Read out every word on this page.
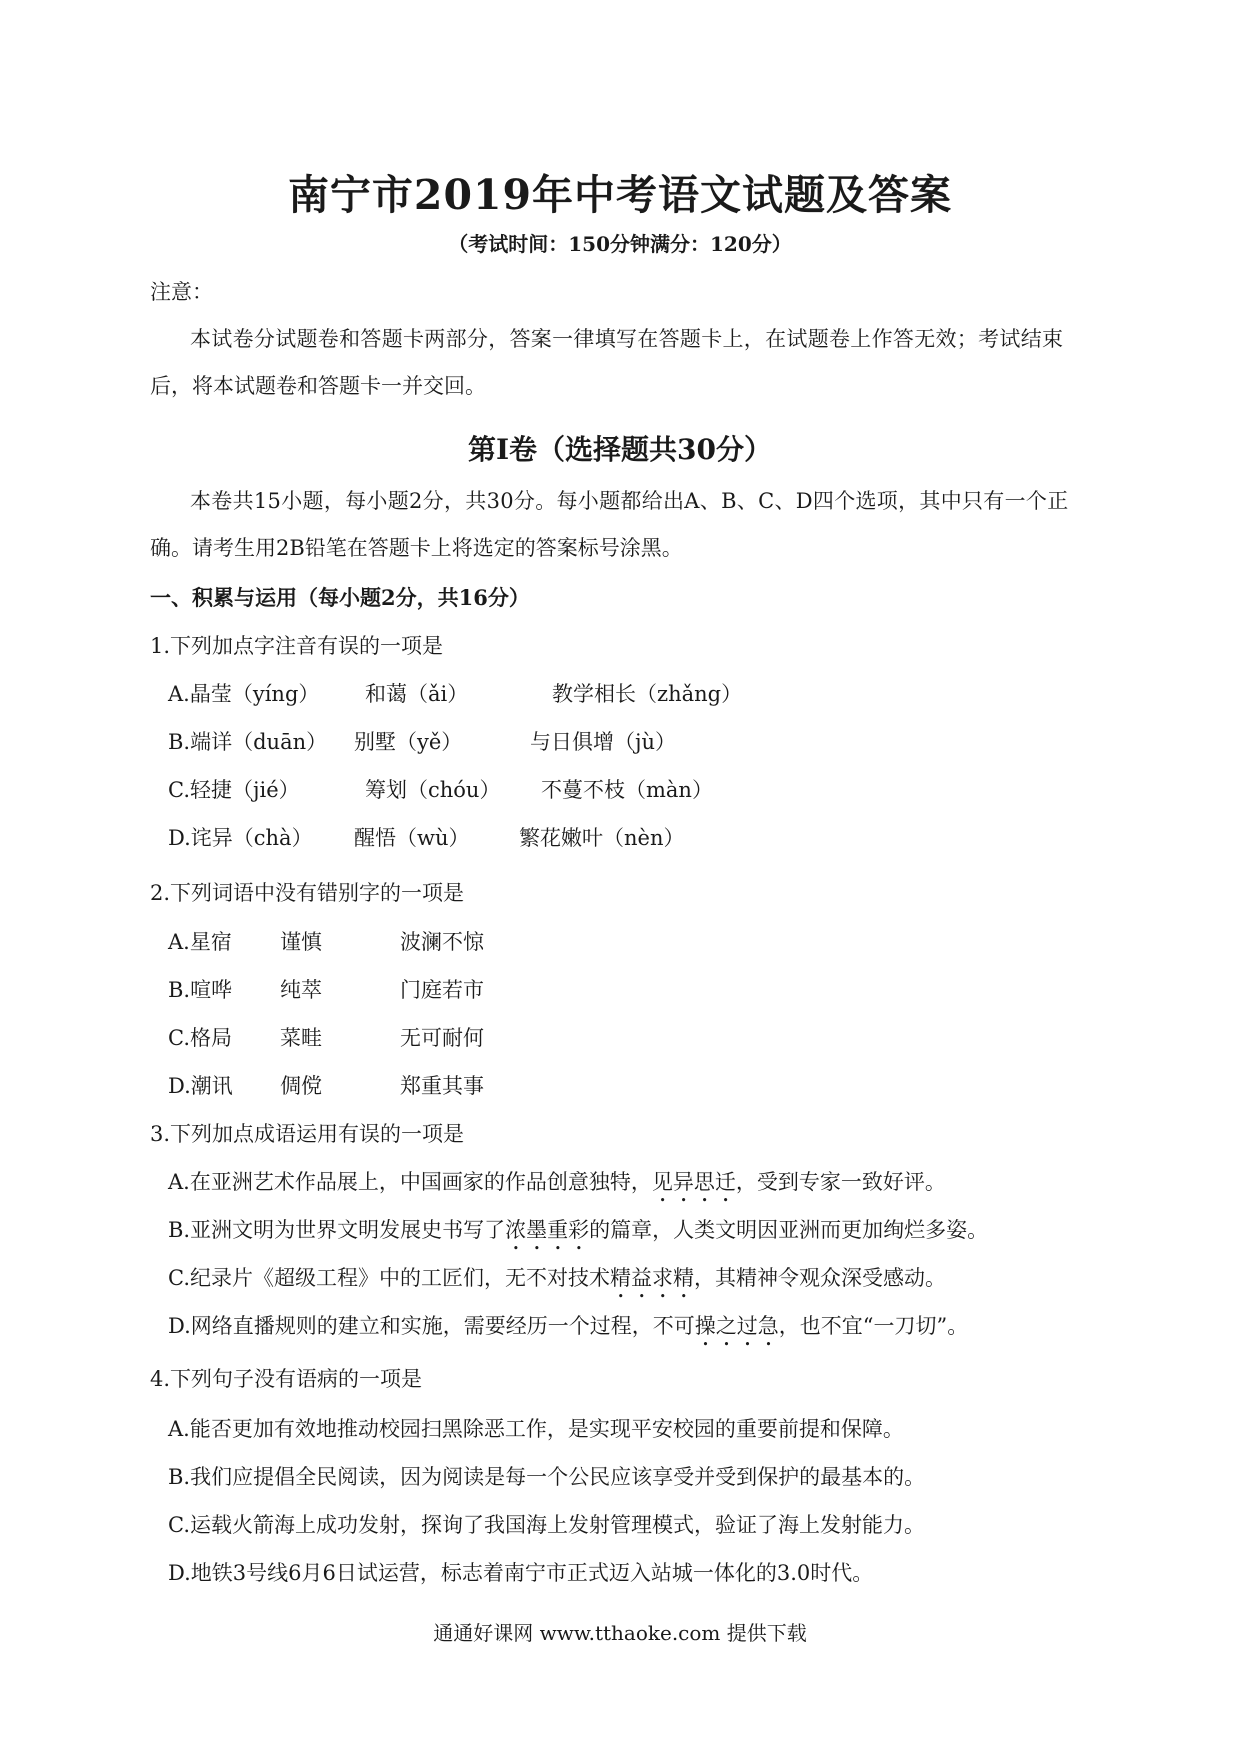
南宁市2019年中考语文试题及答案
（考试时间：150分钟满分：120分）
注意：
本试卷分试题卷和答题卡两部分，答案一律填写在答题卡上，在试题卷上作答无效；考试结束
后，将本试题卷和答题卡一并交回。
第Ⅰ卷（选择题共30分）
本卷共15小题，每小题2分，共30分。每小题都给出A、B、C、D四个选项，其中只有一个正
确。请考生用2B铅笔在答题卡上将选定的答案标号涂黑。
一、积累与运用（每小题2分，共16分）
1.下列加点字注音有误的一项是
A.晶莹（yíng） 和蔼（ǎi）	教学相长（zhǎng）
B.端详（duān） 别墅（yě）	与日俱增（jù）
C.轻捷（jié）	筹划（chóu） 不蔓不枝（màn）
D.诧异（chà） 醒悟（wù） 繁花嫩叶（nèn）
2.下列词语中没有错别字的一项是
A.星宿 谨慎	波澜不惊
B.喧哗 纯萃	门庭若市
C.格局 菜畦	无可耐何
D.潮讯 倜傥	郑重其事
3.下列加点成语运用有误的一项是
A.在亚洲艺术作品展上，中国画家的作品创意独特，见异思迁，受到专家一致好评。
B.亚洲文明为世界文明发展史书写了浓墨重彩的篇章，人类文明因亚洲而更加绚烂多姿。
C.纪录片《超级工程》中的工匠们，无不对技术精益求精，其精神令观众深受感动。
D.网络直播规则的建立和实施，需要经历一个过程，不可操之过急，也不宜“一刀切”。
4.下列句子没有语病的一项是
A.能否更加有效地推动校园扫黑除恶工作，是实现平安校园的重要前提和保障。
B.我们应提倡全民阅读，因为阅读是每一个公民应该享受并受到保护的最基本的。
C.运载火箭海上成功发射，探询了我国海上发射管理模式，验证了海上发射能力。
D.地铁3号线6月6日试运营，标志着南宁市正式迈入站城一体化的3.0时代。
通通好课网 www.tthaoke.com 提供下载
